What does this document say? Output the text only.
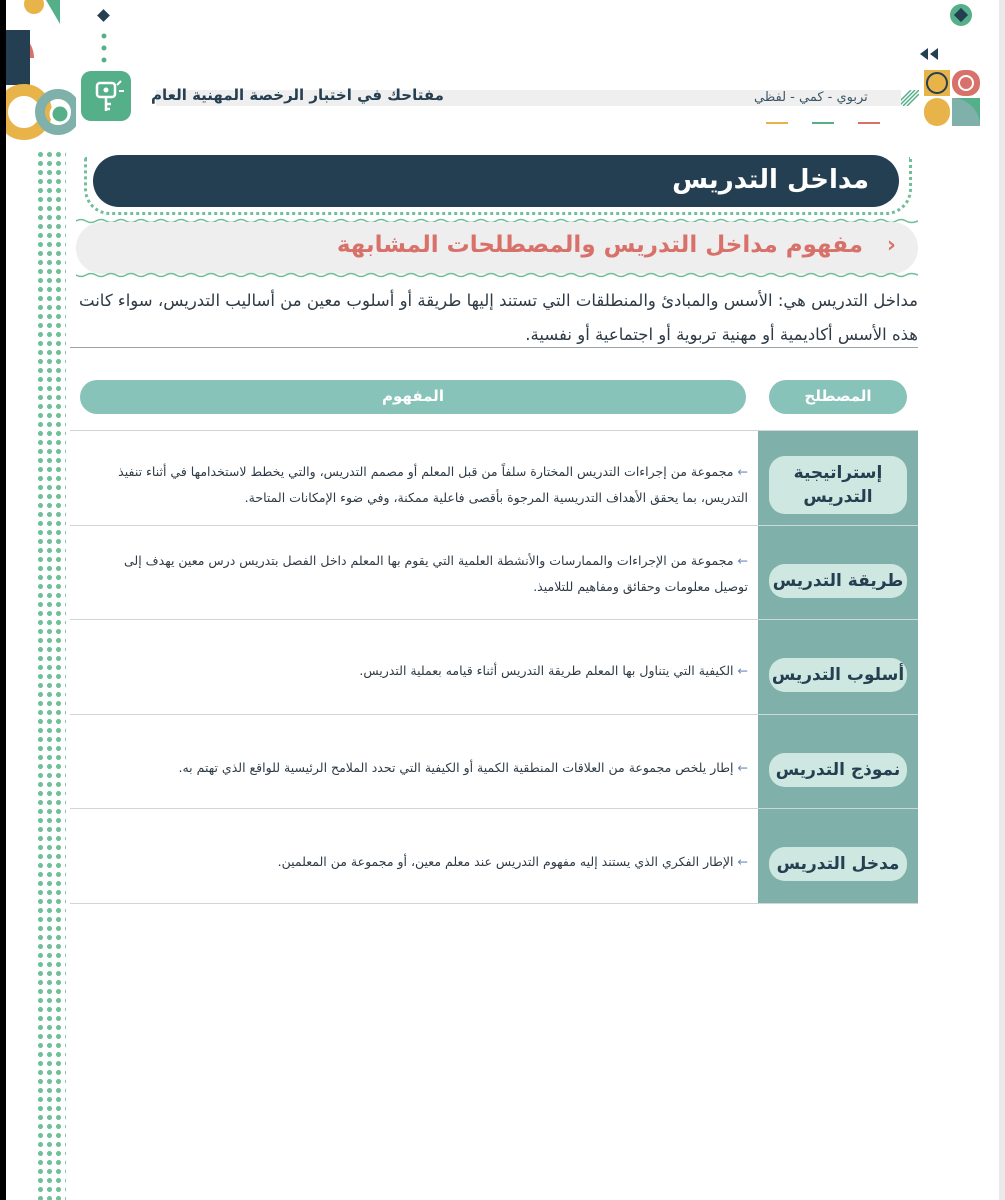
مفتاحك في اختبار الرخصة المهنية العام	تربوي - كمي - لفظي
مداخل التدريس
مفهوم مداخل التدريس والمصطلحات المشابهة ›
مداخل التدريس هي: الأسس والمبادئ والمنطلقات التي تستند إليها طريقة أو أسلوب معين من أساليب التدريس، سواء كانت هذه الأسس أكاديمية أو مهنية تربوية أو اجتماعية أو نفسية.
المفهوم	المصطلح
إستراتيجية التدريس
←مجموعة من إجراءات التدريس المختارة سلفاً من قبل المعلم أو مصمم التدريس، والتي يخطط لاستخدامها في أثناء تنفيذ التدريس، بما يحقق الأهداف التدريسية المرجوة بأقصى فاعلية ممكنة، وفي ضوء الإمكانات المتاحة.
طريقة التدريس
←مجموعة من الإجراءات والممارسات والأنشطة العلمية التي يقوم بها المعلم داخل الفصل بتدريس درس معين يهدف إلى توصيل معلومات وحقائق ومفاهيم للتلاميذ.
أسلوب التدريس
←الكيفية التي يتناول بها المعلم طريقة التدريس أثناء قيامه بعملية التدريس.
نموذج التدريس
←إطار يلخص مجموعة من العلاقات المنطقية الكمية أو الكيفية التي تحدد الملامح الرئيسية للواقع الذي تهتم به.
مدخل التدريس
←الإطار الفكري الذي يستند إليه مفهوم التدريس عند معلم معين، أو مجموعة من المعلمين.
